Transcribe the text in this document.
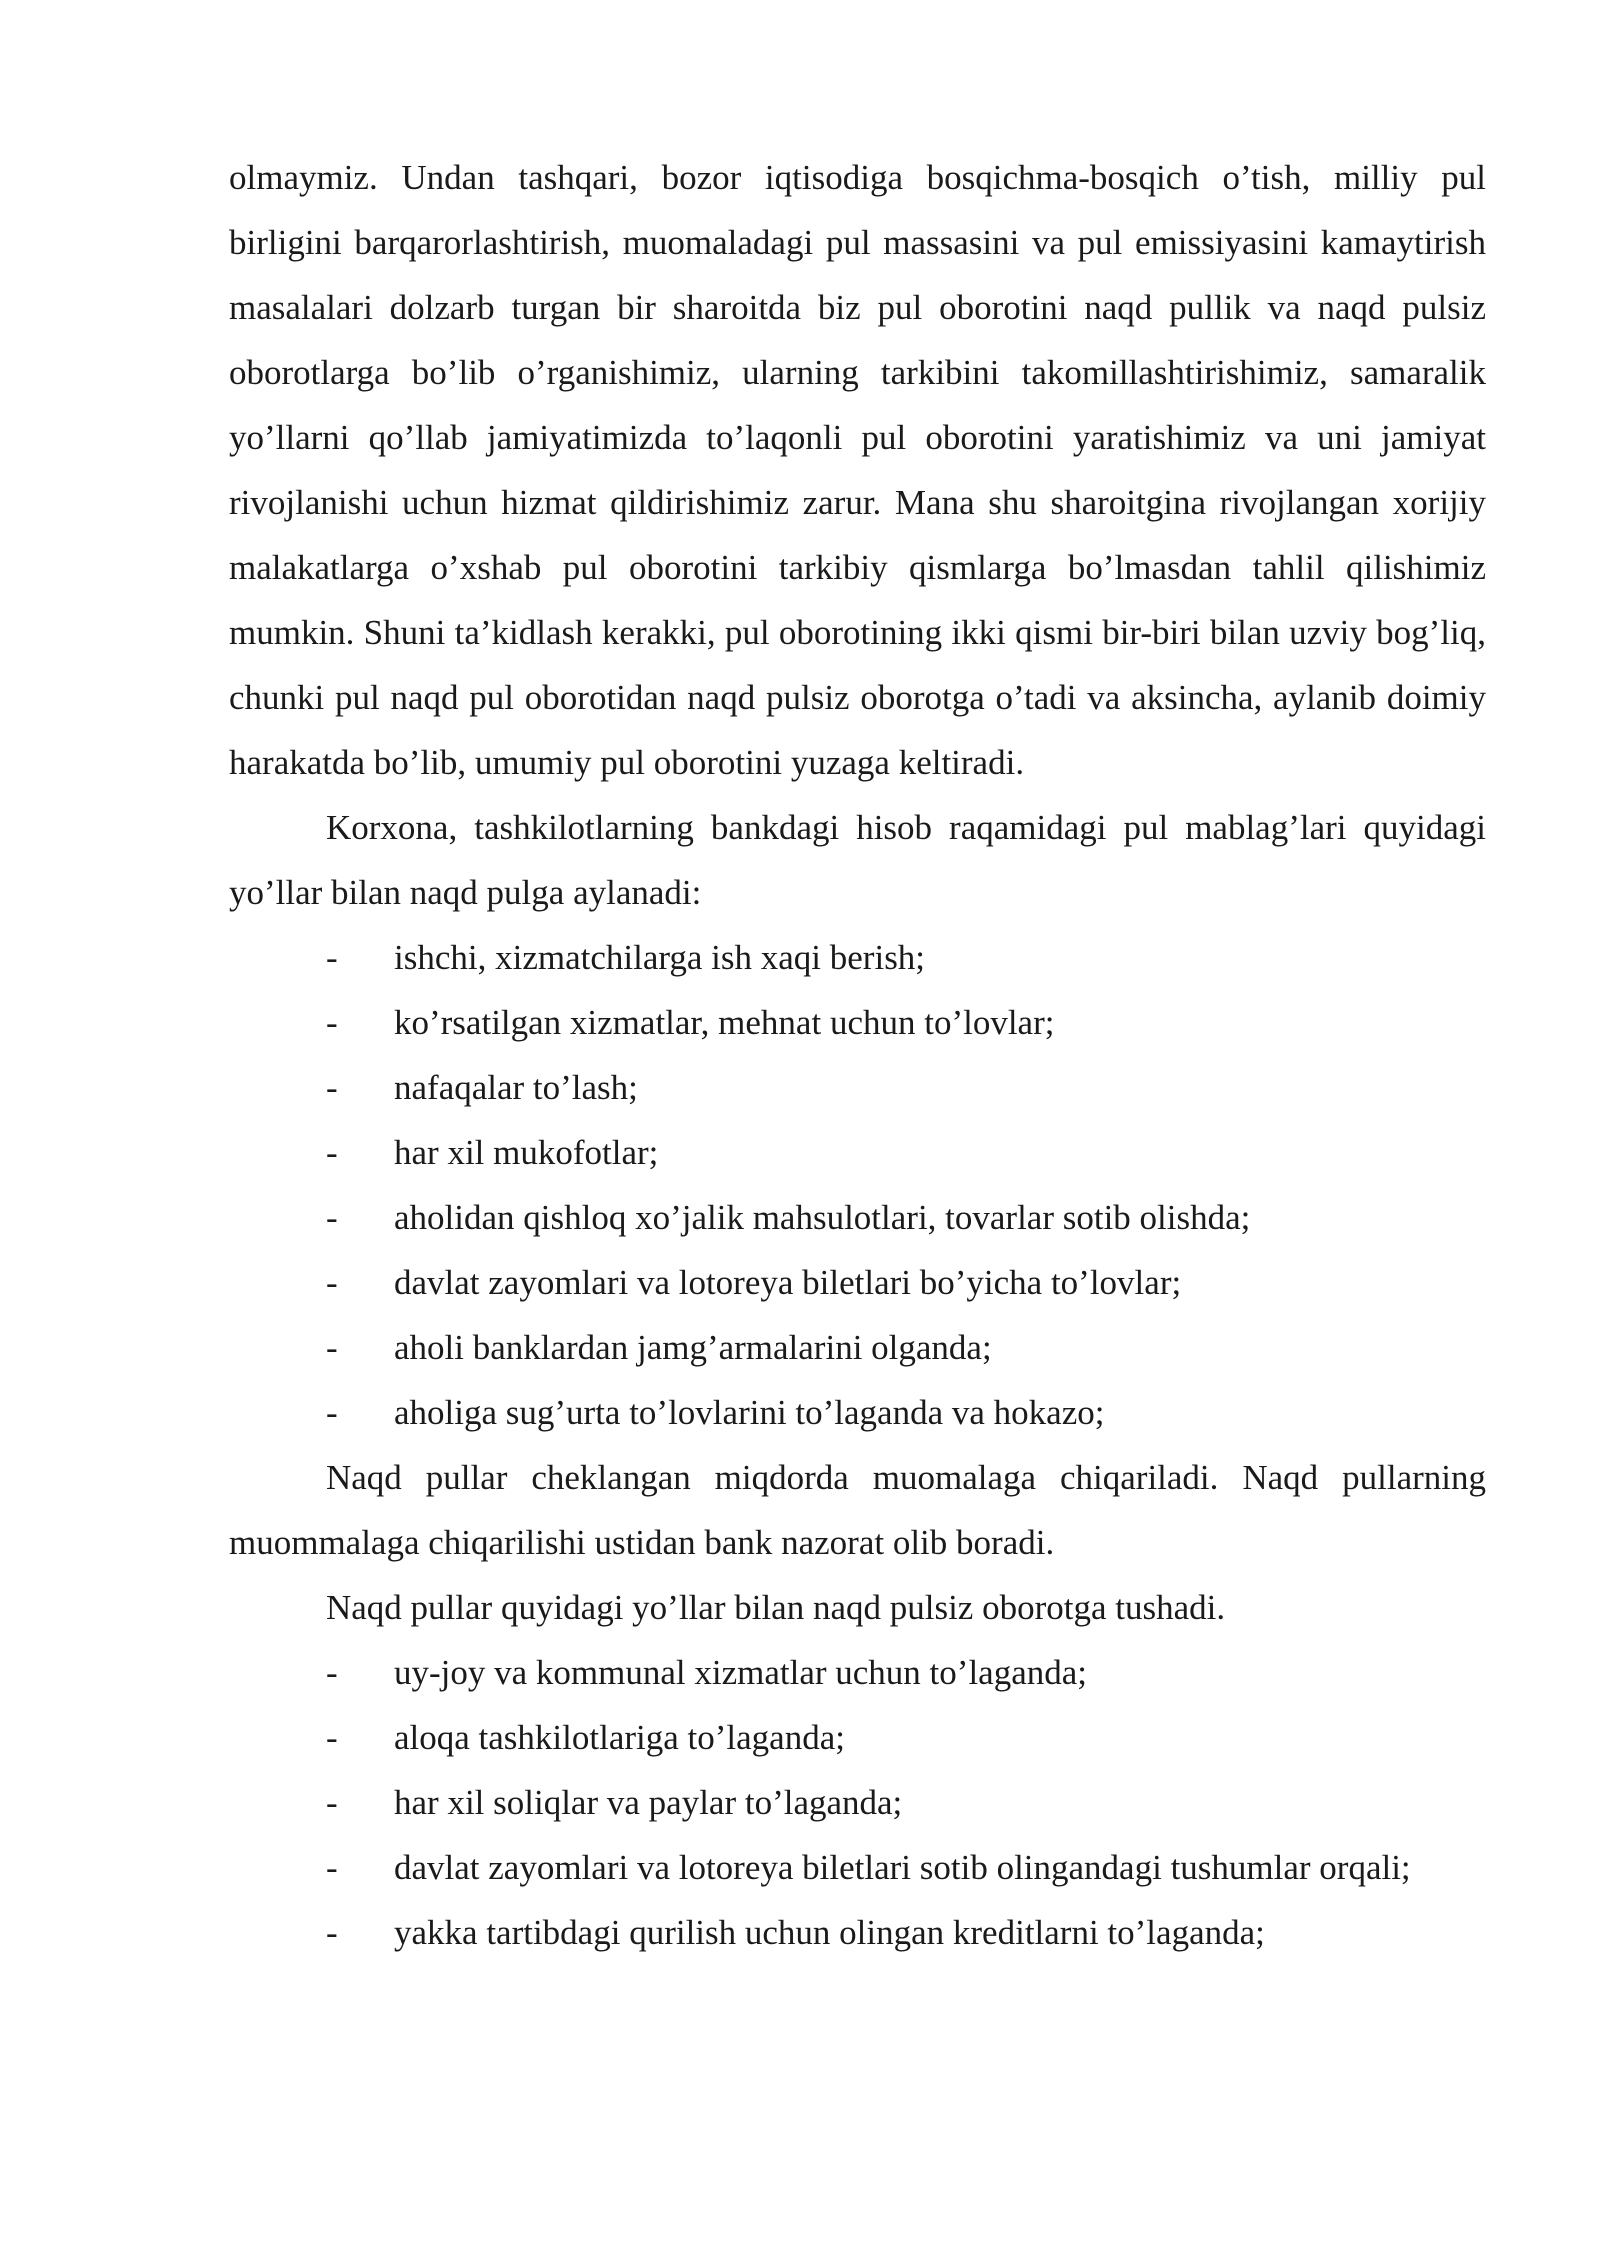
olmaymiz. Undan tashqari, bozor iqtisodiga bosqichma-bosqich o’tish, milliy pul birligini barqarorlashtirish, muomaladagi pul massasini va pul emissiyasini kamaytirish masalalari dolzarb turgan bir sharoitda biz pul oborotini naqd pullik va naqd pulsiz oborotlarga bo’lib o’rganishimiz, ularning tarkibini takomillashtirishimiz, samaralik yo’llarni qo’llab jamiyatimizda to’laqonli pul oborotini yaratishimiz va uni jamiyat rivojlanishi uchun hizmat qildirishimiz zarur. Mana shu sharoitgina rivojlangan xorijiy malakatlarga o’xshab pul oborotini tarkibiy qismlarga bo’lmasdan tahlil qilishimiz mumkin. Shuni ta’kidlash kerakki, pul oborotining ikki qismi bir-biri bilan uzviy bog’liq, chunki pul naqd pul oborotidan naqd pulsiz oborotga o’tadi va aksincha, aylanib doimiy harakatda bo’lib, umumiy pul oborotini yuzaga keltiradi.

Korxona, tashkilotlarning bankdagi hisob raqamidagi pul mablag’lari quyidagi yo’llar bilan naqd pulga aylanadi:

-	ishchi, xizmatchilarga ish xaqi berish;
-	ko’rsatilgan xizmatlar, mehnat uchun to’lovlar;
-	nafaqalar to’lash;
-	har xil mukofotlar;
-	aholidan qishloq xo’jalik mahsulotlari, tovarlar sotib olishda;
-	davlat zayomlari va lotoreya biletlari bo’yicha to’lovlar;
-	aholi banklardan jamg’armalarini olganda;
-	aholiga sug’urta to’lovlarini to’laganda va hokazo;

Naqd pullar cheklangan miqdorda muomalaga chiqariladi. Naqd pullarning muommalaga chiqarilishi ustidan bank nazorat olib boradi.

Naqd pullar quyidagi yo’llar bilan naqd pulsiz oborotga tushadi.

-	uy-joy va kommunal xizmatlar uchun to’laganda;
-	aloqa tashkilotlariga to’laganda;
-	har xil soliqlar va paylar to’laganda;
- davlat zayomlari va lotoreya biletlari sotib olingandagi tushumlar orqali;
-	yakka tartibdagi qurilish uchun olingan kreditlarni to’laganda;
